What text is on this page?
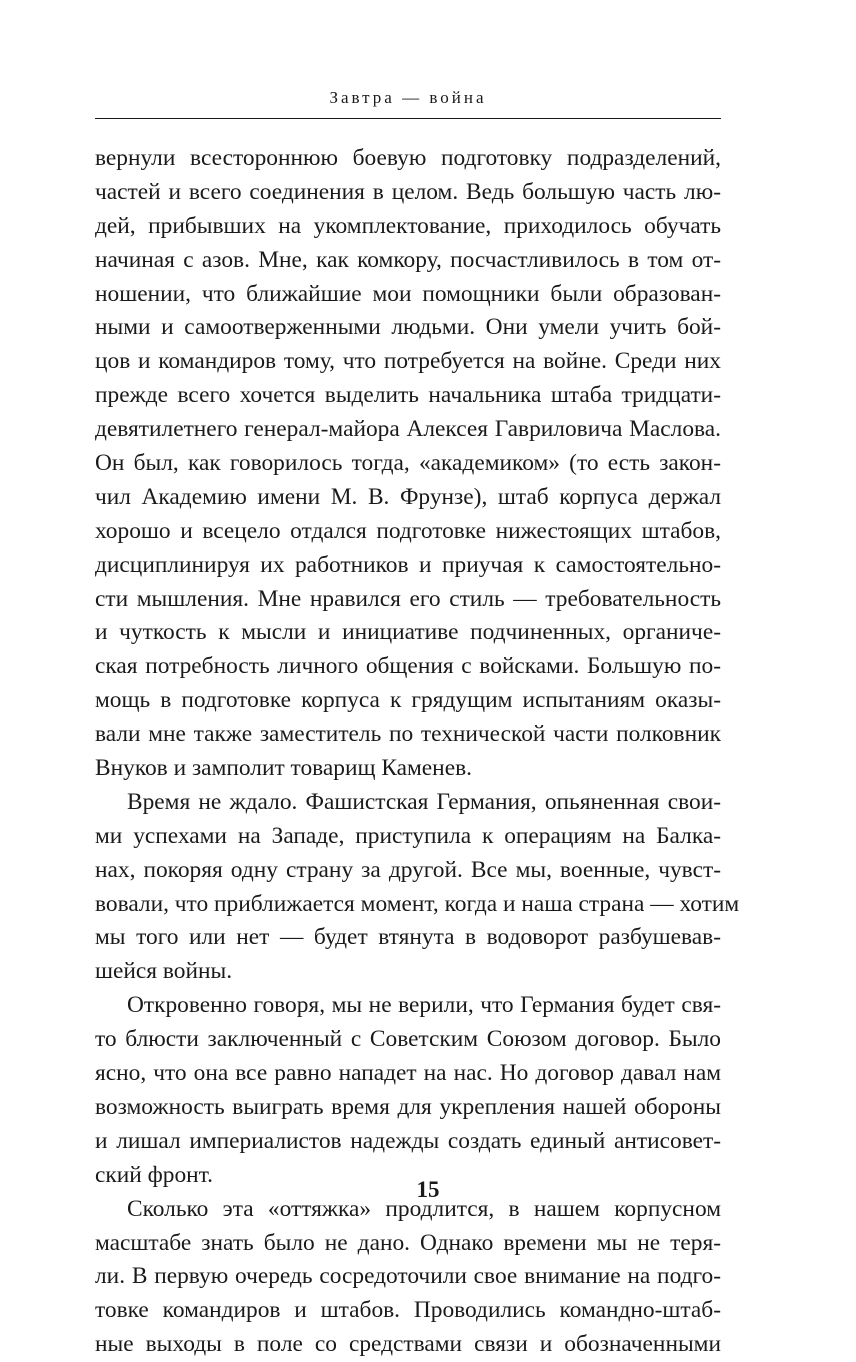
Завтра — война
вернули всестороннюю боевую подготовку подразделений,
частей и всего соединения в целом. Ведь большую часть лю-
дей, прибывших на укомплектование, приходилось обучать
начиная с азов. Мне, как комкору, посчастливилось в том от-
ношении, что ближайшие мои помощники были образован-
ными и самоотверженными людьми. Они умели учить бой-
цов и командиров тому, что потребуется на войне. Среди них
прежде всего хочется выделить начальника штаба тридцати-
девятилетнего генерал-майора Алексея Гавриловича Маслова.
Он был, как говорилось тогда, «академиком» (то есть закон-
чил Академию имени М. В. Фрунзе), штаб корпуса держал
хорошо и всецело отдался подготовке нижестоящих штабов,
дисциплинируя их работников и приучая к самостоятельно-
сти мышления. Мне нравился его стиль — требовательность
и чуткость к мысли и инициативе подчиненных, органиче-
ская потребность личного общения с войсками. Большую по-
мощь в подготовке корпуса к грядущим испытаниям оказы-
вали мне также заместитель по технической части полковник
Внуков и замполит товарищ Каменев.
Время не ждало. Фашистская Германия, опьяненная свои-
ми успехами на Западе, приступила к операциям на Балка-
нах, покоряя одну страну за другой. Все мы, военные, чувст-
вовали, что приближается момент, когда и наша страна — хотим
мы того или нет — будет втянута в водоворот разбушевав-
шейся войны.
Откровенно говоря, мы не верили, что Германия будет свя-
то блюсти заключенный с Советским Союзом договор. Было
ясно, что она все равно нападет на нас. Но договор давал нам
возможность выиграть время для укрепления нашей обороны
и лишал империалистов надежды создать единый антисовет-
ский фронт.
Сколько эта «оттяжка» продлится, в нашем корпусном
масштабе знать было не дано. Однако времени мы не теря-
ли. В первую очередь сосредоточили свое внимание на подго-
товке командиров и штабов. Проводились командно-штаб-
ные выходы в поле со средствами связи и обозначенными
15
